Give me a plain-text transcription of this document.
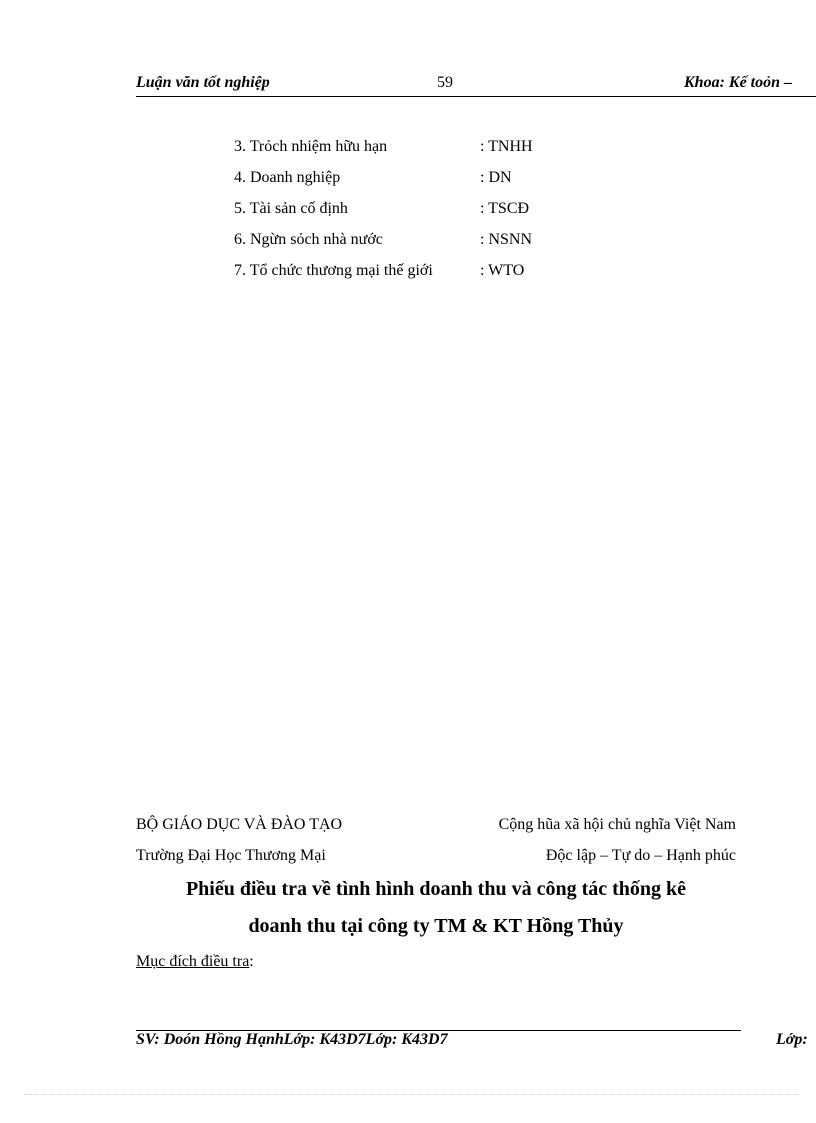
Luận văn tốt nghiệp	59	Khoa: Kế toỏn –
3. Trỏch nhiệm hữu hạn	: TNHH
4. Doanh nghiệp	: DN
5. Tài sản cố định	: TSCĐ
6. Ngừn sỏch nhà nước	: NSNN
7. Tổ chức thương mại thế giới	: WTO
BỘ GIÁO DỤC VÀ ĐÀO TẠO	Cộng hũa xã hội chủ nghĩa Việt Nam
Trường Đại Học Thương Mại	Độc lập – Tự do – Hạnh phúc
Phiếu điều tra về tình hình doanh thu và công tác thống kê
doanh thu tại công ty TM & KT Hồng Thủy
Mục đích điều tra:
SV: Doón Hồng HạnhLớp: K43D7Lớp: K43D7	Lớp:
